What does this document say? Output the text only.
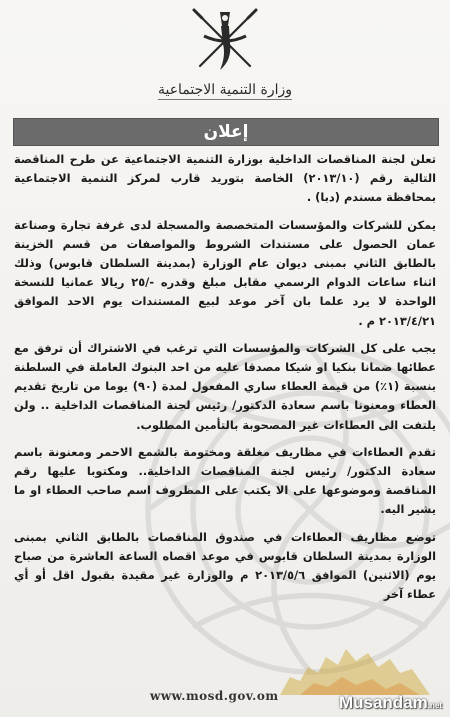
وزارة التنمية الاجتماعية
إعلان

تعلن لجنة المناقصات الداخلية بوزارة التنمية الاجتماعية عن طرح المناقصة التالية رقم (٢٠١٣/١٠) الخاصة بتوريد قارب لمركز التنمية الاجتماعية بمحافظة مسندم (دبا) .

يمكن للشركات والمؤسسات المتخصصة والمسجلة لدى غرفة تجارة وصناعة عمان الحصول على مستندات الشروط والمواصفات من قسم الخزينة بالطابق الثاني بمبنى ديوان عام الوزارة (بمدينة السلطان قابوس) وذلك اثناء ساعات الدوام الرسمي مقابل مبلغ وقدره -/٢٥ ريالا عمانيا للنسخة الواحدة لا يرد علما بان آخر موعد لبيع المستندات يوم الاحد الموافق ٢٠١٣/٤/٢١ م .

يجب على كل الشركات والمؤسسات التي ترغب في الاشتراك أن ترفق مع عطائها ضمانا بنكيا او شيكا مصدقا عليه من احد البنوك العاملة في السلطنة بنسبة (١٪) من قيمة العطاء ساري المفعول لمدة (٩٠) يوما من تاريخ تقديم العطاء ومعنونا باسم سعادة الدكتور/ رئيس لجنة المناقصات الداخلية .. ولن يلتفت الى العطاءات غير المصحوبة بالتأمين المطلوب.

تقدم العطاءات في مظاريف مغلقة ومختومة بالشمع الاحمر ومعنونة باسم سعادة الدكتور/ رئيس لجنة المناقصات الداخلية.. ومكتوبا عليها رقم المناقصة وموضوعها على الا يكتب على المظروف اسم صاحب العطاء او ما يشير اليه.

توضع مظاريف العطاءات في صندوق المناقصات بالطابق الثاني بمبنى الوزارة بمدينة السلطان قابوس في موعد اقصاه الساعة العاشرة من صباح يوم (الاثنين) الموافق ٢٠١٣/٥/٦ م والوزارة غير مقيدة بقبول اقل أو أي عطاء آخر

www.mosd.gov.om	Musandam.net
